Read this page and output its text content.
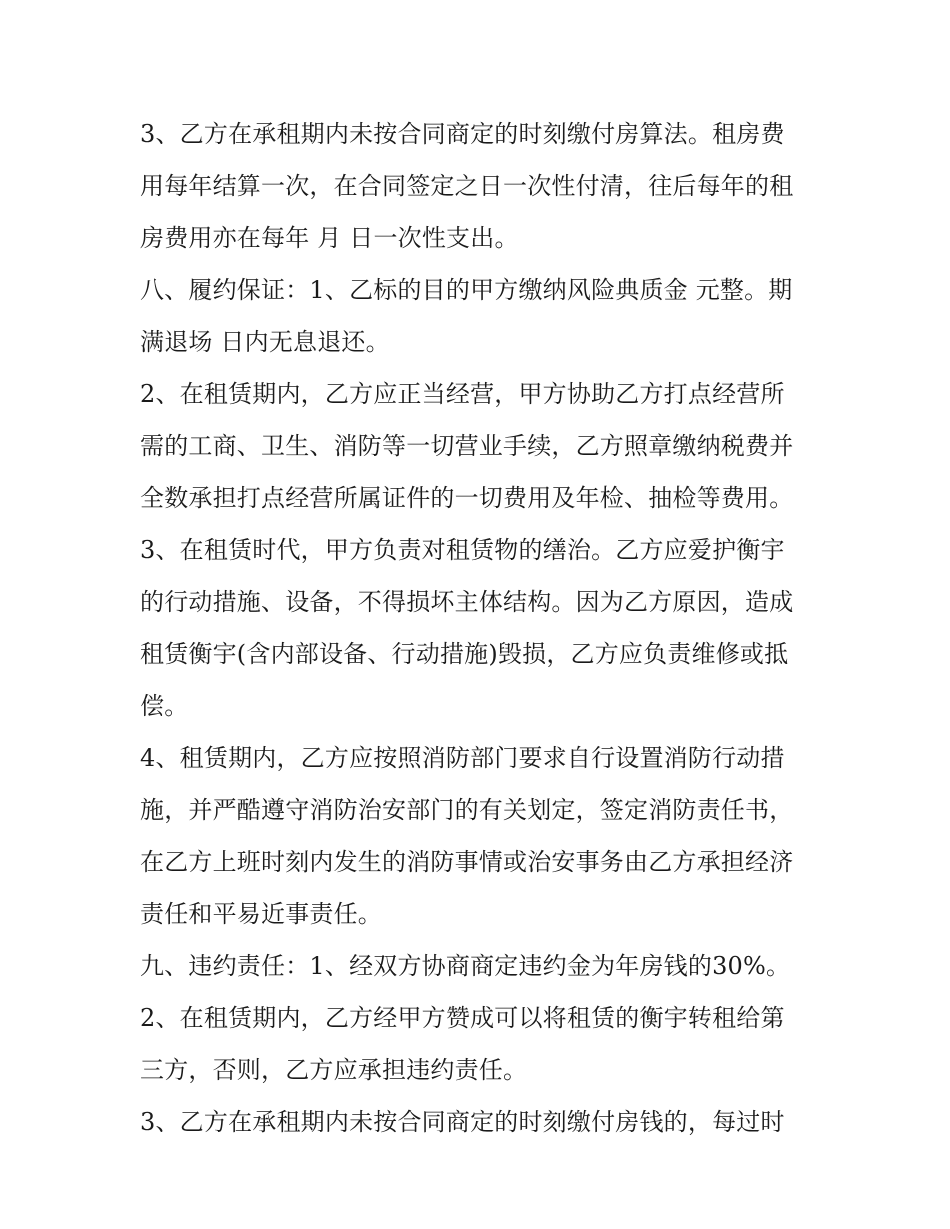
3、乙方在承租期内未按合同商定的时刻缴付房算法。租房费
用每年结算一次，在合同签定之日一次性付清，往后每年的租
房费用亦在每年 月 日一次性支出。

八、履约保证：1、乙标的目的甲方缴纳风险典质金 元整。期
满退场 日内无息退还。

2、在租赁期内，乙方应正当经营，甲方协助乙方打点经营所
需的工商、卫生、消防等一切营业手续，乙方照章缴纳税费并
全数承担打点经营所属证件的一切费用及年检、抽检等费用。

3、在租赁时代，甲方负责对租赁物的缮治。乙方应爱护衡宇
的行动措施、设备，不得损坏主体结构。因为乙方原因，造成
租赁衡宇(含内部设备、行动措施)毁损，乙方应负责维修或抵
偿。

4、租赁期内，乙方应按照消防部门要求自行设置消防行动措
施，并严酷遵守消防治安部门的有关划定，签定消防责任书，
在乙方上班时刻内发生的消防事情或治安事务由乙方承担经济
责任和平易近事责任。

九、违约责任：1、经双方协商商定违约金为年房钱的30%。

2、在租赁期内，乙方经甲方赞成可以将租赁的衡宇转租给第
三方，否则，乙方应承担违约责任。

3、乙方在承租期内未按合同商定的时刻缴付房钱的，每过时
